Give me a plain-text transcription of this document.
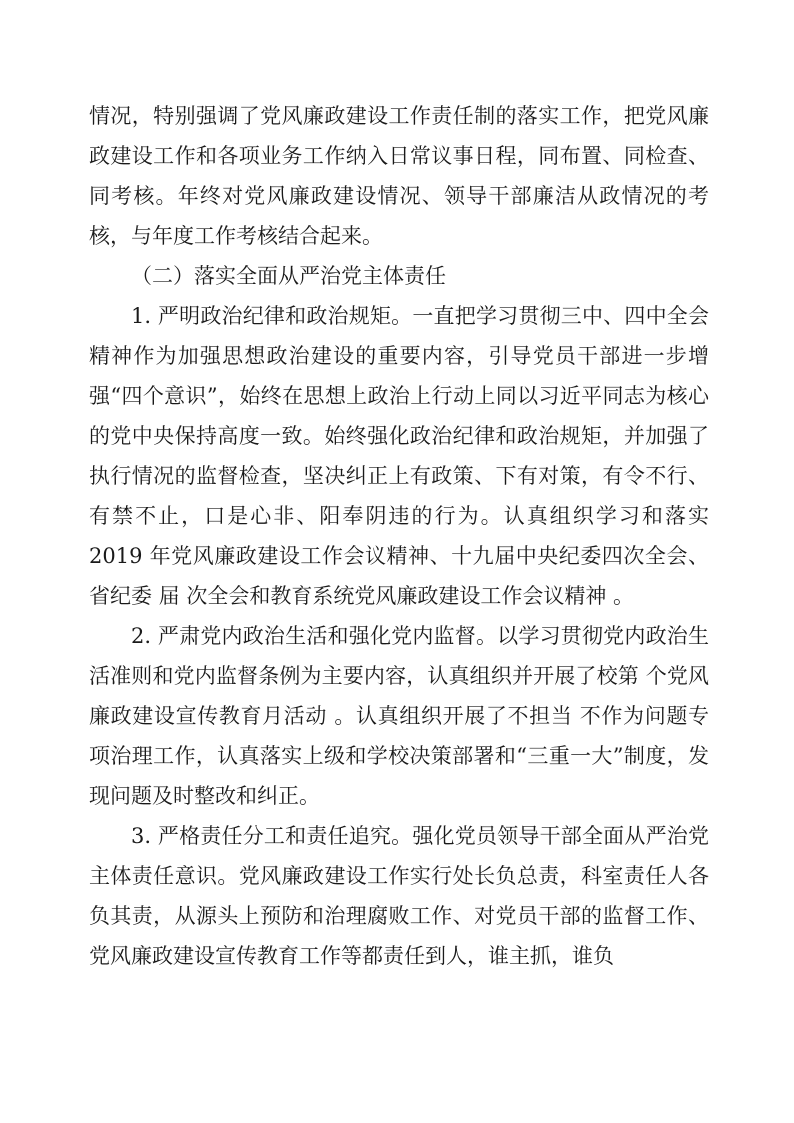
情况，特别强调了党风廉政建设工作责任制的落实工作，把党风廉政建设工作和各项业务工作纳入日常议事日程，同布置、同检查、同考核。年终对党风廉政建设情况、领导干部廉洁从政情况的考核，与年度工作考核结合起来。

（二）落实全面从严治党主体责任

1. 严明政治纪律和政治规矩。一直把学习贯彻三中、四中全会精神作为加强思想政治建设的重要内容，引导党员干部进一步增强“四个意识”，始终在思想上政治上行动上同以习近平同志为核心的党中央保持高度一致。始终强化政治纪律和政治规矩，并加强了执行情况的监督检查，坚决纠正上有政策、下有对策，有令不行、有禁不止，口是心非、阳奉阴违的行为。认真组织学习和落实 2019 年党风廉政建设工作会议精神、十九届中央纪委四次全会、省纪委 届 次全会和教育系统党风廉政建设工作会议精神 。

2. 严肃党内政治生活和强化党内监督。以学习贯彻党内政治生活准则和党内监督条例为主要内容，认真组织并开展了校第 个党风廉政建设宣传教育月活动 。认真组织开展了不担当 不作为问题专项治理工作，认真落实上级和学校决策部署和“三重一大”制度，发现问题及时整改和纠正。

3. 严格责任分工和责任追究。强化党员领导干部全面从严治党主体责任意识。党风廉政建设工作实行处长负总责，科室责任人各负其责，从源头上预防和治理腐败工作、对党员干部的监督工作、党风廉政建设宣传教育工作等都责任到人，谁主抓，谁负
